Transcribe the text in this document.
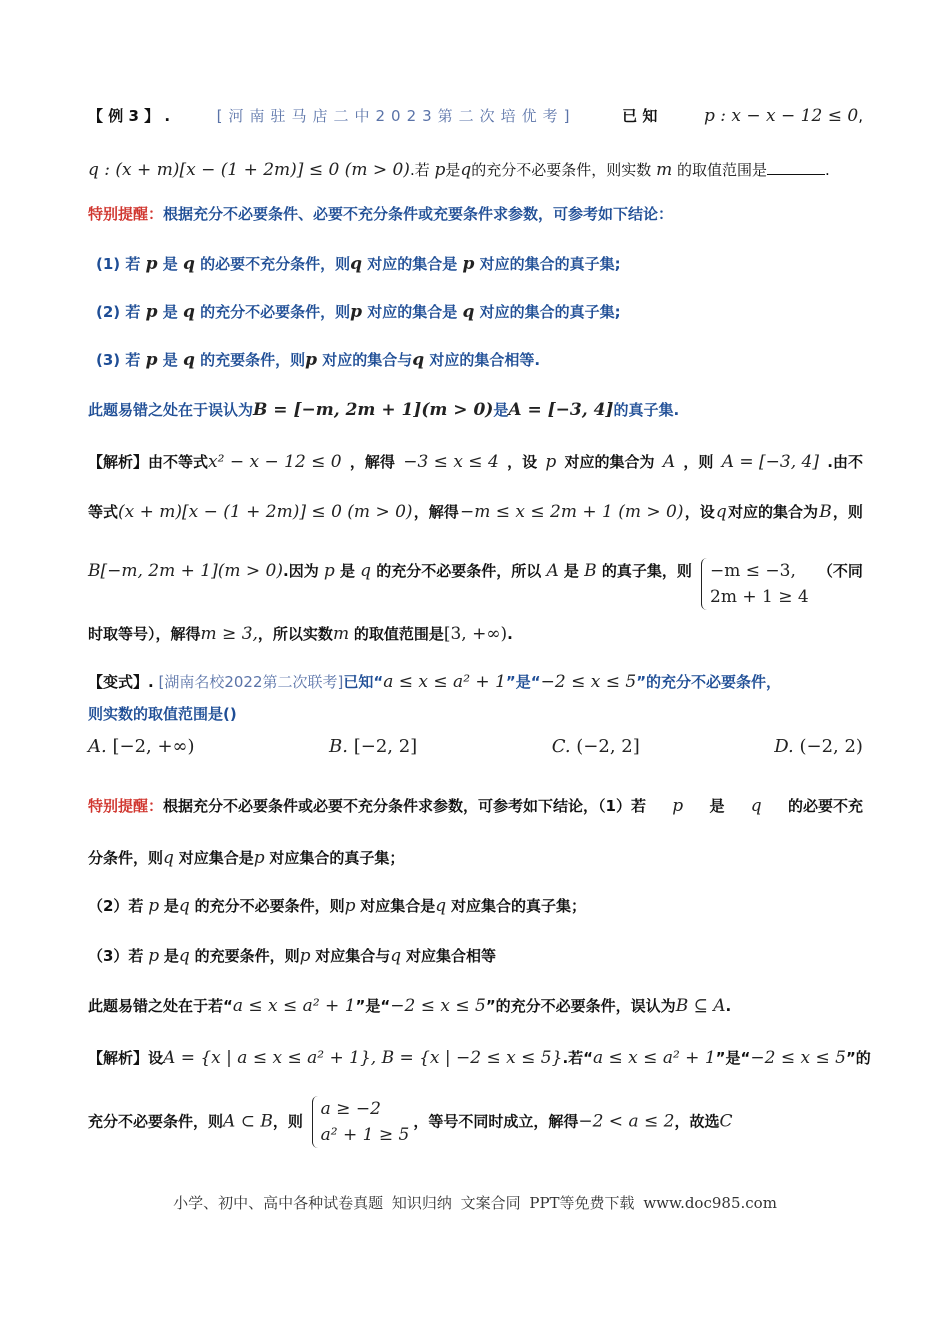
【 例 3 】 .	[河南驻马店二中2023第二次培优考]	已 知	p : x − x − 12 ≤ 0,
q : (x + m)[x − (1 + 2m)] ≤ 0 (m > 0).若 p是q的充分不必要条件，则实数 m 的取值范围是	.
特别提醒：根据充分不必要条件、必要不充分条件或充要条件求参数，可参考如下结论：
(1) 若 p 是 q 的必要不充分条件，则q 对应的集合是 p 对应的集合的真子集;
(2) 若 p 是 q 的充分不必要条件，则p 对应的集合是 q 对应的集合的真子集;
(3) 若 p 是 q 的充要条件，则p 对应的集合与q 对应的集合相等.
此题易错之处在于误认为B = [−m, 2m + 1](m > 0)是A = [−3, 4]的真子集.
【解析】由不等式x² − x − 12 ≤ 0 ，解得 −3 ≤ x ≤ 4 ，设 p 对应的集合为 A ，则 A = [−3, 4] .由不
等式(x + m)[x − (1 + 2m)] ≤ 0 (m > 0) ，解得 −m ≤ x ≤ 2m + 1 (m > 0) ，设 q 对应的集合为 B ，则
B[−m, 2m + 1](m > 0).因为 p 是 q 的充分不必要条件，所以 A 是 B 的真子集，则 −m ≤ −3,
2m + 1 ≥ 4
（不同
时取等号），解得m ≥ 3,，所以实数m 的取值范围是[3, +∞).
【变式】. [湖南名校2022第二次联考]已知“a ≤ x ≤ a² + 1”是“−2 ≤ x ≤ 5”的充分不必要条件，
则实数的取值范围是()
A. [−2, +∞)	B. [−2, 2]	C. (−2, 2]	D. (−2, 2)
特别提醒：根据充分不必要条件或必要不充分条件求参数，可参考如下结论，（1）若 p 是 q 的必要不充
分条件，则q 对应集合是p 对应集合的真子集；
（2）若 p 是q 的充分不必要条件，则p 对应集合是q 对应集合的真子集；
（3）若 p 是q 的充要条件，则p 对应集合与q 对应集合相等
此题易错之处在于若“a ≤ x ≤ a² + 1”是“−2 ≤ x ≤ 5”的充分不必要条件，误认为B ⊆ A.
【解析】设A = {x | a ≤ x ≤ a² + 1}, B = {x | −2 ≤ x ≤ 5} .若“a ≤ x ≤ a² + 1”是“−2 ≤ x ≤ 5”的
充分不必要条件，则A ⊂ B，则
a ≥ −2
a² + 1 ≥ 5
，等号不同时成立，解得−2 < a ≤ 2，故选C
小学、初中、高中各种试卷真题 知识归纳 文案合同 PPT等免费下载 www.doc985.com
